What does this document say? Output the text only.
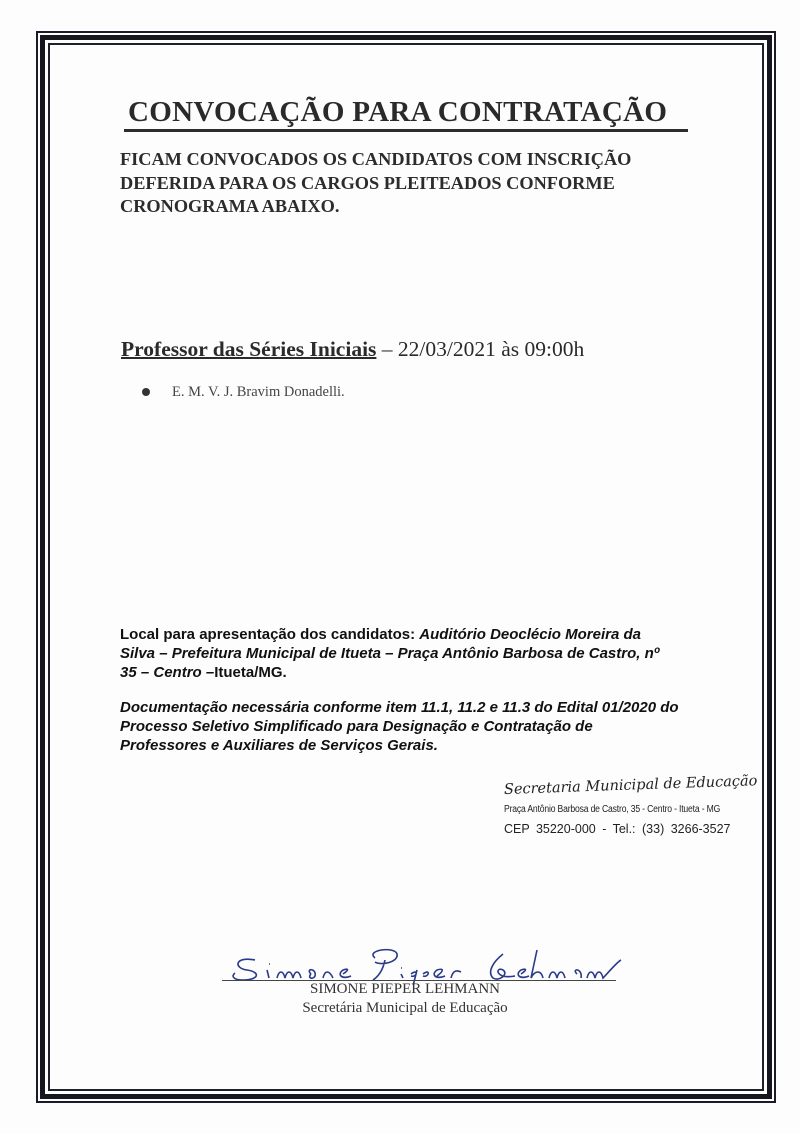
CONVOCAÇÃO PARA CONTRATAÇÃO
FICAM CONVOCADOS OS CANDIDATOS COM INSCRIÇÃO
DEFERIDA PARA OS CARGOS PLEITEADOS CONFORME
CRONOGRAMA ABAIXO.
Professor das Séries Iniciais – 22/03/2021 às 09:00h
E. M. V. J. Bravim Donadelli.
Local para apresentação dos candidatos: Auditório Deoclécio Moreira da Silva – Prefeitura Municipal de Itueta – Praça Antônio Barbosa de Castro, nº 35 – Centro –Itueta/MG.
Documentação necessária conforme item 11.1, 11.2 e 11.3 do Edital 01/2020 do Processo Seletivo Simplificado para Designação e Contratação de Professores e Auxiliares de Serviços Gerais.
Secretaria Municipal de Educação
Praça Antônio Barbosa de Castro, 35 - Centro - Itueta - MG
CEP 35220-000 - Tel.: (33) 3266-3527
SIMONE PIEPER LEHMANN
Secretária Municipal de Educação
